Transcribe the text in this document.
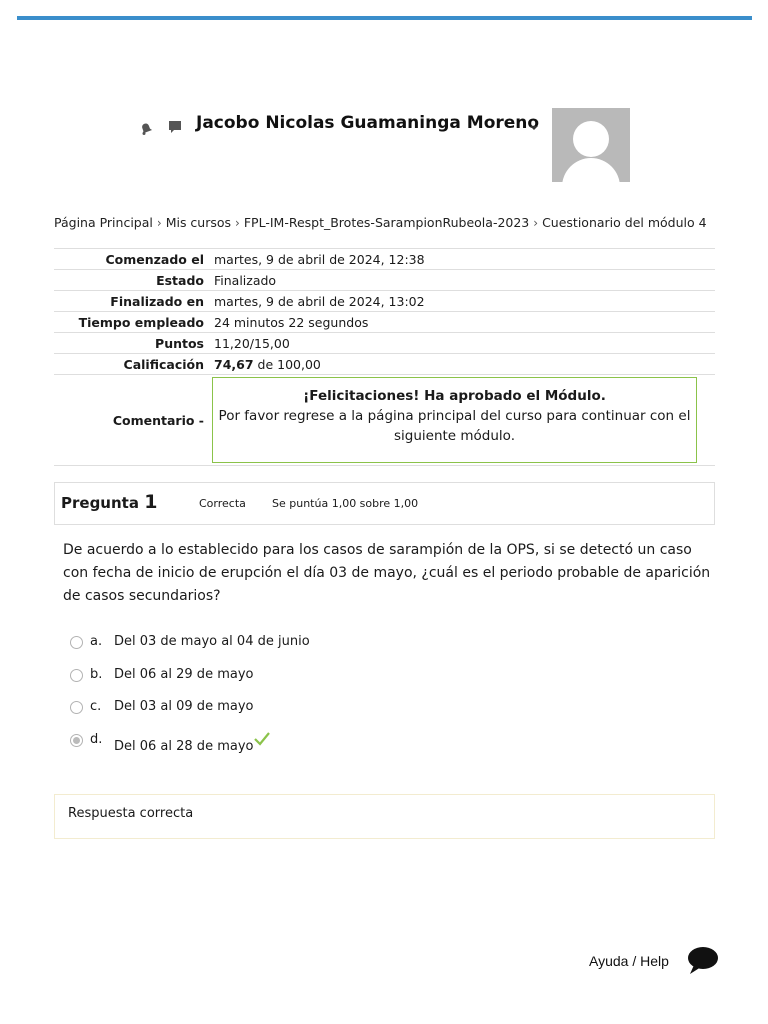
Jacobo Nicolas Guamaninga Moreno
Página Principal › Mis cursos › FPL-IM-Respt_Brotes-SarampionRubeola-2023 › Cuestionario del módulo 4
Comenzado el	martes, 9 de abril de 2024, 12:38
Estado	Finalizado
Finalizado en	martes, 9 de abril de 2024, 13:02
Tiempo empleado	24 minutos 22 segundos
Puntos	11,20/15,00
Calificación	74,67 de 100,00
Comentario -	¡Felicitaciones! Ha aprobado el Módulo.
Por favor regrese a la página principal del curso para continuar con el siguiente módulo.
Pregunta 1	Correcta Se puntúa 1,00 sobre 1,00
De acuerdo a lo establecido para los casos de sarampión de la OPS, si se detectó un caso con fecha de inicio de erupción el día 03 de mayo, ¿cuál es el periodo probable de aparición de casos secundarios?
a. Del 03 de mayo al 04 de junio
b. Del 06 al 29 de mayo
c. Del 03 al 09 de mayo
d. Del 06 al 28 de mayo
Respuesta correcta
Ayuda / Help
